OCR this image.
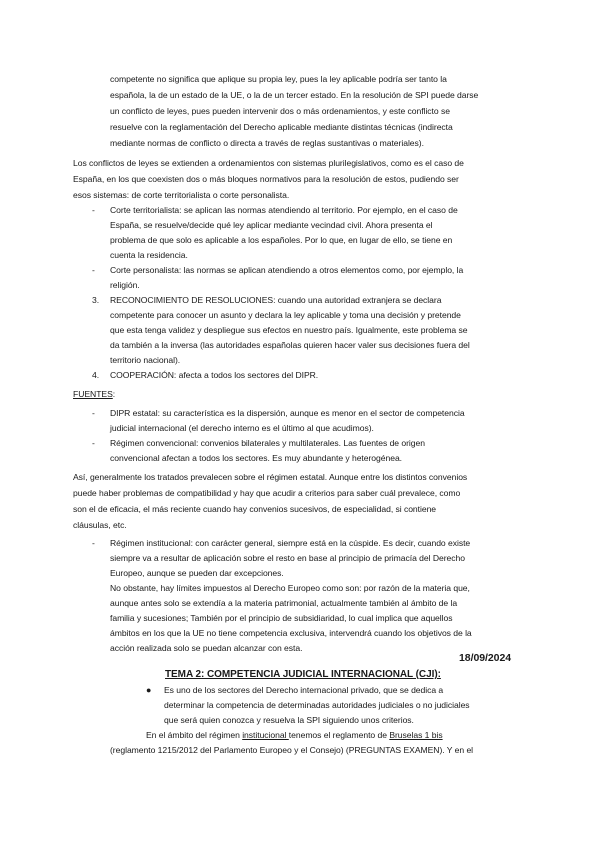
competente no significa que aplique su propia ley, pues la ley aplicable podría ser tanto la
española, la de un estado de la UE, o la de un tercer estado. En la resolución de SPI puede darse
un conflicto de leyes, pues pueden intervenir dos o más ordenamientos, y este conflicto se
resuelve con la reglamentación del Derecho aplicable mediante distintas técnicas (indirecta
mediante normas de conflicto o directa a través de reglas sustantivas o materiales).
Los conflictos de leyes se extienden a ordenamientos con sistemas plurilegislativos, como es el caso de
España, en los que coexisten dos o más bloques normativos para la resolución de estos, pudiendo ser
esos sistemas: de corte territorialista o corte personalista.
- Corte territorialista: se aplican las normas atendiendo al territorio. Por ejemplo, en el caso de
España, se resuelve/decide qué ley aplicar mediante vecindad civil. Ahora presenta el
problema de que solo es aplicable a los españoles. Por lo que, en lugar de ello, se tiene en
cuenta la residencia.
- Corte personalista: las normas se aplican atendiendo a otros elementos como, por ejemplo, la
religión.
3. RECONOCIMIENTO DE RESOLUCIONES: cuando una autoridad extranjera se declara
competente para conocer un asunto y declara la ley aplicable y toma una decisión y pretende
que esta tenga validez y despliegue sus efectos en nuestro país. Igualmente, este problema se
da también a la inversa (las autoridades españolas quieren hacer valer sus decisiones fuera del
territorio nacional).
4. COOPERACIÓN: afecta a todos los sectores del DIPR.
FUENTES:
- DIPR estatal: su característica es la dispersión, aunque es menor en el sector de competencia
judicial internacional (el derecho interno es el último al que acudimos).
- Régimen convencional: convenios bilaterales y multilaterales. Las fuentes de origen
convencional afectan a todos los sectores. Es muy abundante y heterogénea.
Así, generalmente los tratados prevalecen sobre el régimen estatal. Aunque entre los distintos convenios
puede haber problemas de compatibilidad y hay que acudir a criterios para saber cuál prevalece, como
son el de eficacia, el más reciente cuando hay convenios sucesivos, de especialidad, si contiene
cláusulas, etc.
- Régimen institucional: con carácter general, siempre está en la cúspide. Es decir, cuando existe
siempre va a resultar de aplicación sobre el resto en base al principio de primacía del Derecho
Europeo, aunque se pueden dar excepciones.
No obstante, hay límites impuestos al Derecho Europeo como son: por razón de la materia que,
aunque antes solo se extendía a la materia patrimonial, actualmente también al ámbito de la
familia y sucesiones; También por el principio de subsidiaridad, lo cual implica que aquellos
ámbitos en los que la UE no tiene competencia exclusiva, intervendrá cuando los objetivos de la
acción realizada solo se puedan alcanzar con esta.
18/09/2024
TEMA 2: COMPETENCIA JUDICIAL INTERNACIONAL (CJI):
● Es uno de los sectores del Derecho internacional privado, que se dedica a
determinar la competencia de determinadas autoridades judiciales o no judiciales
que será quien conozca y resuelva la SPI siguiendo unos criterios.
En el ámbito del régimen institucional tenemos el reglamento de Bruselas 1 bis
(reglamento 1215/2012 del Parlamento Europeo y el Consejo) (PREGUNTAS EXAMEN). Y en el
